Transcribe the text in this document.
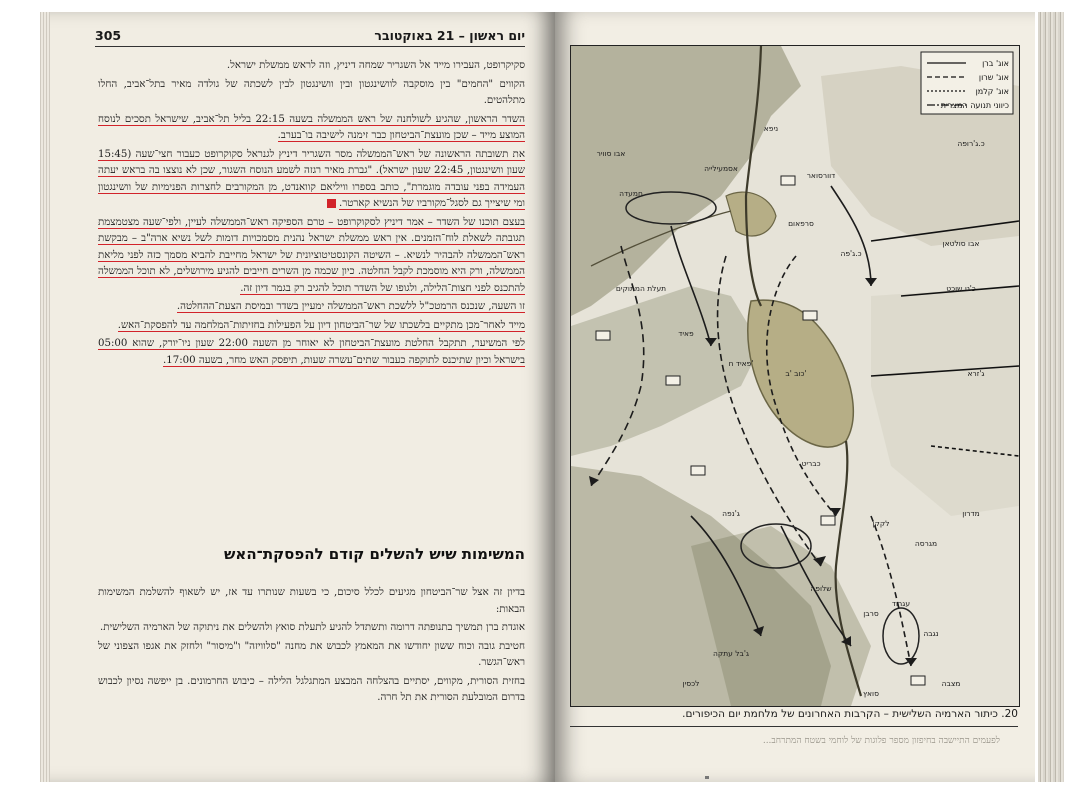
יום ראשון – 21 באוקטובר
305

סקיקרופט, העבירו מייד אל השגריר שמחה דיניץ, וזה לראש ממשלת ישראל.

הקווים "החמים" בין מוסקבה לוושינגטון ובין וושינגטון לבין לשכתה של גולדה מאיר בתל־אביב, החלו מתלהטים.

השדר הראשון, שהגיע לשולחנה של ראש הממשלה בשעה 22:15 בליל תל־אביב, שישראל תסכים לנוסח המוצע מייד – שכן מועצת־הביטחון כבר זימנה לישיבה בו־בערב.

את תשובתה הראשונה של ראש־הממשלה מסר השגריר דיניץ לגנראל סקוקרופט כעבור חצי־שעה (15:45 שעון וושינגטון, 22:45 שעון ישראל). "גברת מאיר רגזה לשמע הנוסח השגור, שכן לא נוצצו בה בראש יעתה העמידה בפני עובדה מוגמרת", כותב בספרו וויליאם קוואנדט, מן המקורבים לחצרות הפנימיות של וושינגטון ומי שיצייך גם לסגל־מקורביו של הנשיא קארטר.

בעצם תוכנו של השדר – אמר דיניץ לסקוקרופט – טרם הספיקה ראש־הממשלה לעיין, ולפי־שעה מצטמצמת תגובתה לשאלת לוח־הזמנים. אין ראש ממשלת ישראל נהנית מסמכויות דומות לשל נשיא ארה"ב – מבקשת ראש־הממשלה להבהיר לנשיא. – השיטה הקונסטיטוציונית של ישראל מחייבת להביא מסמך כזה לפני מליאת הממשלה, ורק היא מוסמכת לקבל החלטה. כיון שכמה מן השרים חייבים להגיע מירושלים, לא תוכל הממשלה להתכנס לפני חצות־הלילה, ולגופו של השדר תוכל להגיב רק בגמר דיון זה.

זו השעה, שנכנס הרמטכ"ל ללשכת ראש־הממשלה ימעיין בשדר ובמיסת הצעת־ההחלטה.

מייד לאחר־מכן מתקיים בלשכתו של שר־הביטחון דיון על הפעילות בחזיתות־המלחמה עד להפסקת־האש.

לפי המשיער, תתקבל החלטת מועצת־הביטחון לא יאוחר מן השעה 22:00 שעון ניו־יורק, שהוא 05:00 בישראל וכיון שתיכנס לתוקפה כעבור שתים־עשרה שעות, תיפסק האש מחר, בשעה 17:00.

המשימות שיש להשלים קודם להפסקת־האש

בדיון זה אצל שר־הביטחון מגיעים לכלל סיכום, כי בשעות שנותרו עד אז, יש לשאוף להשלמת המשימות הבאות:

אוגדת ברן תמשיך בתנופתה דרומה ותשתדל להגיע לתעלת סואץ ולהשלים את ניתוקה של הארמיה השלישית.

חטיבת גובה וכוח ששון יחודשו את המאמץ לכבוש את מחנה "סלוויזה" ו"מיסור" ולחזק את אגפו הצפוני של ראש־הגשר.

בחזית הסורית, מקווים, יסתיים בהצלחה המבצע המתגלגל הלילה – כיבוש החרמונים. בן ייפשה נסיון לכבוש בדרום המובלעת הסורית את תל חרה.

אוג' ברן
אוג' שרון
אוג' קלמן
כיווני תנועה המצרית
דוורסואר
אבו סולטאן
אסמעילייה
פאיד
כבריט
שלופה
סואץ
חמעדה
תעלת המתוקים
ג'נפה
עגרוד
ניפא
פאיד ח'
אבו סוויר
כ.ג'רופה
ג'בל עתקה
סרפאום
כ'ט שוכט
ג'זרא
מצבה
מגרסה
מדרון
לקקן
כוב 'ב'
נגבה
כ.ג'פה
סרבן
לכסין
20. כיתור הארמיה השלישית – הקרבות האחרונים של מלחמת יום הכיפורים.
לפעמים התיישבה בחיפזון מספר פלוגות של לוחמי בשטח המתרחב...
